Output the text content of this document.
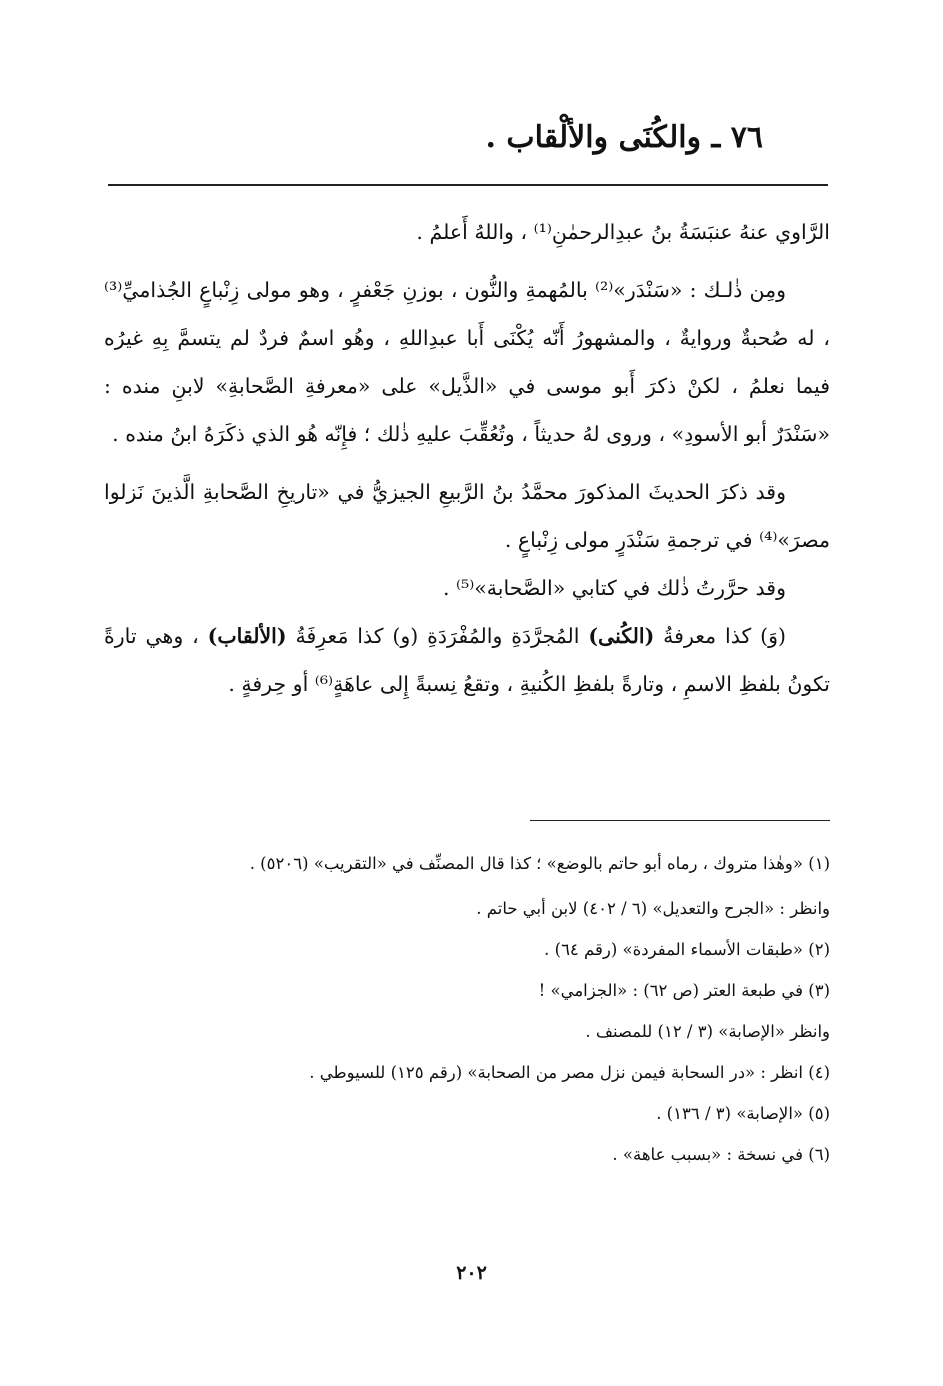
٧٦ ـ والكُنَى والألْقاب .

الرَّاوي عنهُ عنبَسَةُ بنُ عبدِالرحمٰنِ⁽¹⁾ ، واللهُ أَعلمُ .

ومِن ذٰلـك : «سَنْدَر»⁽²⁾ بالمُهمةِ والنُّون ، بوزنِ جَعْفرٍ ، وهو مولى زِنْباعٍ الجُذاميِّ⁽³⁾ ، له صُحبةٌ وروايةٌ ، والمشهورُ أَنّه يُكْنَى أَبا عبدِاللهِ ، وهُو اسمٌ فردٌ لم يتسمَّ بِهِ غيرُه فيما نعلمُ ، لكنْ ذكرَ أَبو موسى في «الذَّيل» على «معرفةِ الصَّحابةِ» لابنِ منده : «سَنْدَرٌ أبو الأسودِ» ، وروى لهُ حديثاً ، وتُعُقِّبَ عليهِ ذٰلك ؛ فإِنّه هُو الذي ذكَرَهُ ابنُ منده .

وقد ذكرَ الحديثَ المذكورَ محمَّدُ بنُ الرَّبيعِ الجيزيُّ في «تاريخِ الصَّحابةِ الَّذينَ نَزلوا مصرَ»⁽⁴⁾ في ترجمةِ سَنْدَرٍ مولى زِنْباعٍ .

وقد حرَّرتُ ذٰلك في كتابي «الصَّحابة»⁽⁵⁾ .

(وَ) كذا معرفةُ (الكُنى) المُجرَّدَةِ والمُفْرَدَةِ (و) كذا مَعرِفَةُ (الألقاب) ، وهي تارةً تكونُ بلفظِ الاسمِ ، وتارةً بلفظِ الكُنيةِ ، وتقعُ نِسبةً إِلى عاهَةٍ⁽⁶⁾ أو حِرفةٍ .

(١) «وهٰذا متروك ، رماه أبو حاتم بالوضع» ؛ كذا قال المصنِّف في «التقريب» (٥٢٠٦) .

وانظر : «الجرح والتعديل» (٦ / ٤٠٢) لابن أبي حاتم .

(٢) «طبقات الأسماء المفردة» (رقم ٦٤) .

(٣) في طبعة العتر (ص ٦٢) : «الجزامي» !

وانظر «الإصابة» (٣ / ١٢) للمصنف .

(٤) انظر : «در السحابة فيمن نزل مصر من الصحابة» (رقم ١٢٥) للسيوطي .

(٥) «الإصابة» (٣ / ١٣٦) .

(٦) في نسخة : «بسبب عاهة» .

٢٠٢
